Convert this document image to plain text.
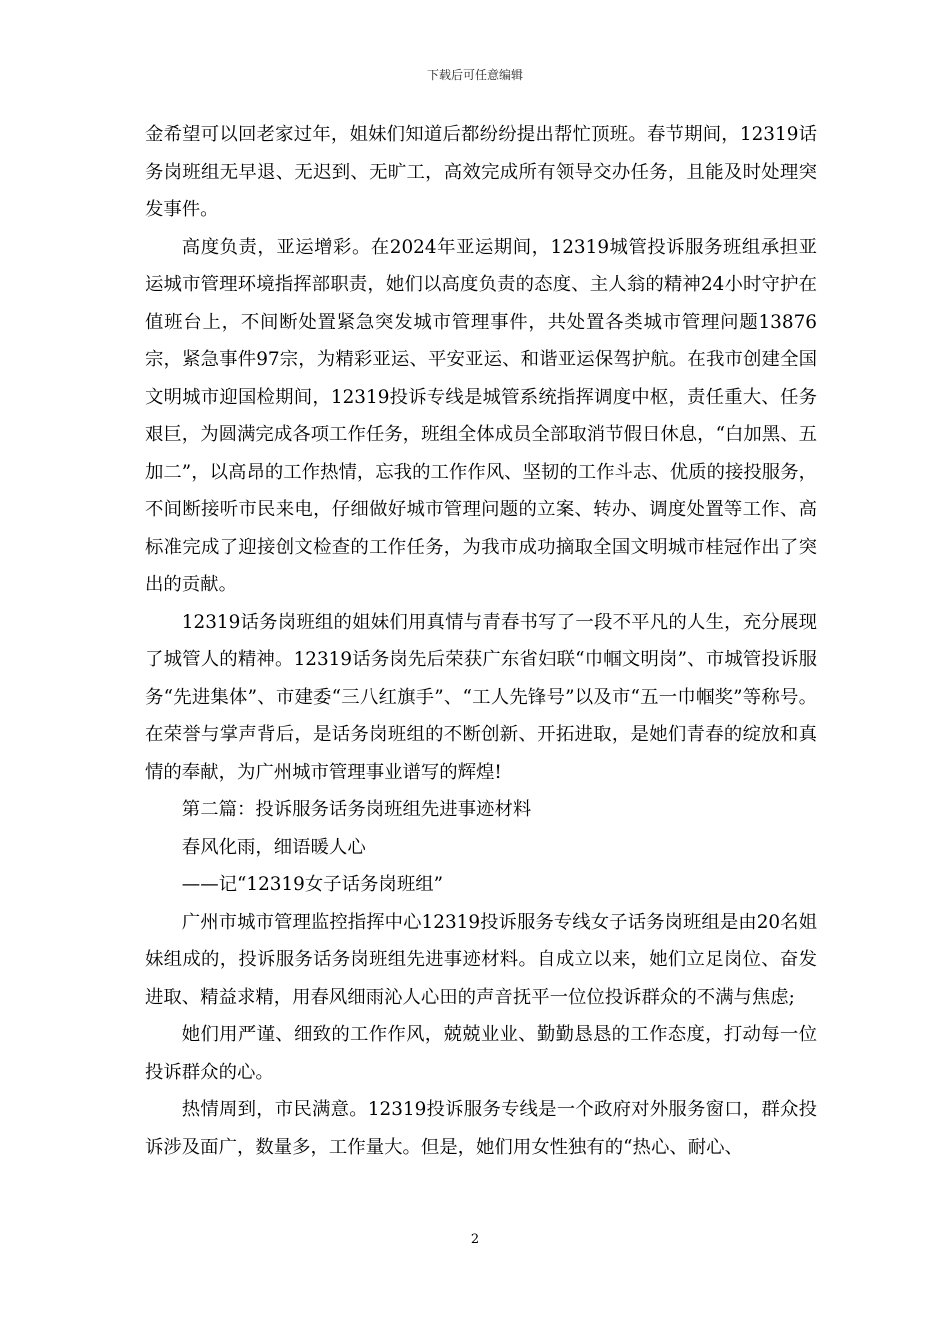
下载后可任意编辑

金希望可以回老家过年，姐妹们知道后都纷纷提出帮忙顶班。春节期间，12319话务岗班组无早退、无迟到、无旷工，高效完成所有领导交办任务，且能及时处理突发事件。

高度负责，亚运增彩。在2024年亚运期间，12319城管投诉服务班组承担亚运城市管理环境指挥部职责，她们以高度负责的态度、主人翁的精神24小时守护在值班台上，不间断处置紧急突发城市管理事件，共处置各类城市管理问题13876宗，紧急事件97宗，为精彩亚运、平安亚运、和谐亚运保驾护航。在我市创建全国文明城市迎国检期间，12319投诉专线是城管系统指挥调度中枢，责任重大、任务艰巨，为圆满完成各项工作任务，班组全体成员全部取消节假日休息，“白加黑、五加二”，以高昂的工作热情，忘我的工作作风、坚韧的工作斗志、优质的接投服务，不间断接听市民来电，仔细做好城市管理问题的立案、转办、调度处置等工作、高标准完成了迎接创文检查的工作任务，为我市成功摘取全国文明城市桂冠作出了突出的贡献。

12319话务岗班组的姐妹们用真情与青春书写了一段不平凡的人生，充分展现了城管人的精神。12319话务岗先后荣获广东省妇联“巾帼文明岗”、市城管投诉服务“先进集体”、市建委“三八红旗手”、“工人先锋号”以及市“五一巾帼奖”等称号。在荣誉与掌声背后，是话务岗班组的不断创新、开拓进取，是她们青春的绽放和真情的奉献，为广州城市管理事业谱写的辉煌!

第二篇：投诉服务话务岗班组先进事迹材料

春风化雨，细语暖人心

——记“12319女子话务岗班组”

广州市城市管理监控指挥中心12319投诉服务专线女子话务岗班组是由20名姐妹组成的，投诉服务话务岗班组先进事迹材料。自成立以来，她们立足岗位、奋发进取、精益求精，用春风细雨沁人心田的声音抚平一位位投诉群众的不满与焦虑;

她们用严谨、细致的工作作风，兢兢业业、勤勤恳恳的工作态度，打动每一位投诉群众的心。

热情周到，市民满意。12319投诉服务专线是一个政府对外服务窗口，群众投诉涉及面广，数量多，工作量大。但是，她们用女性独有的“热心、耐心、

2
